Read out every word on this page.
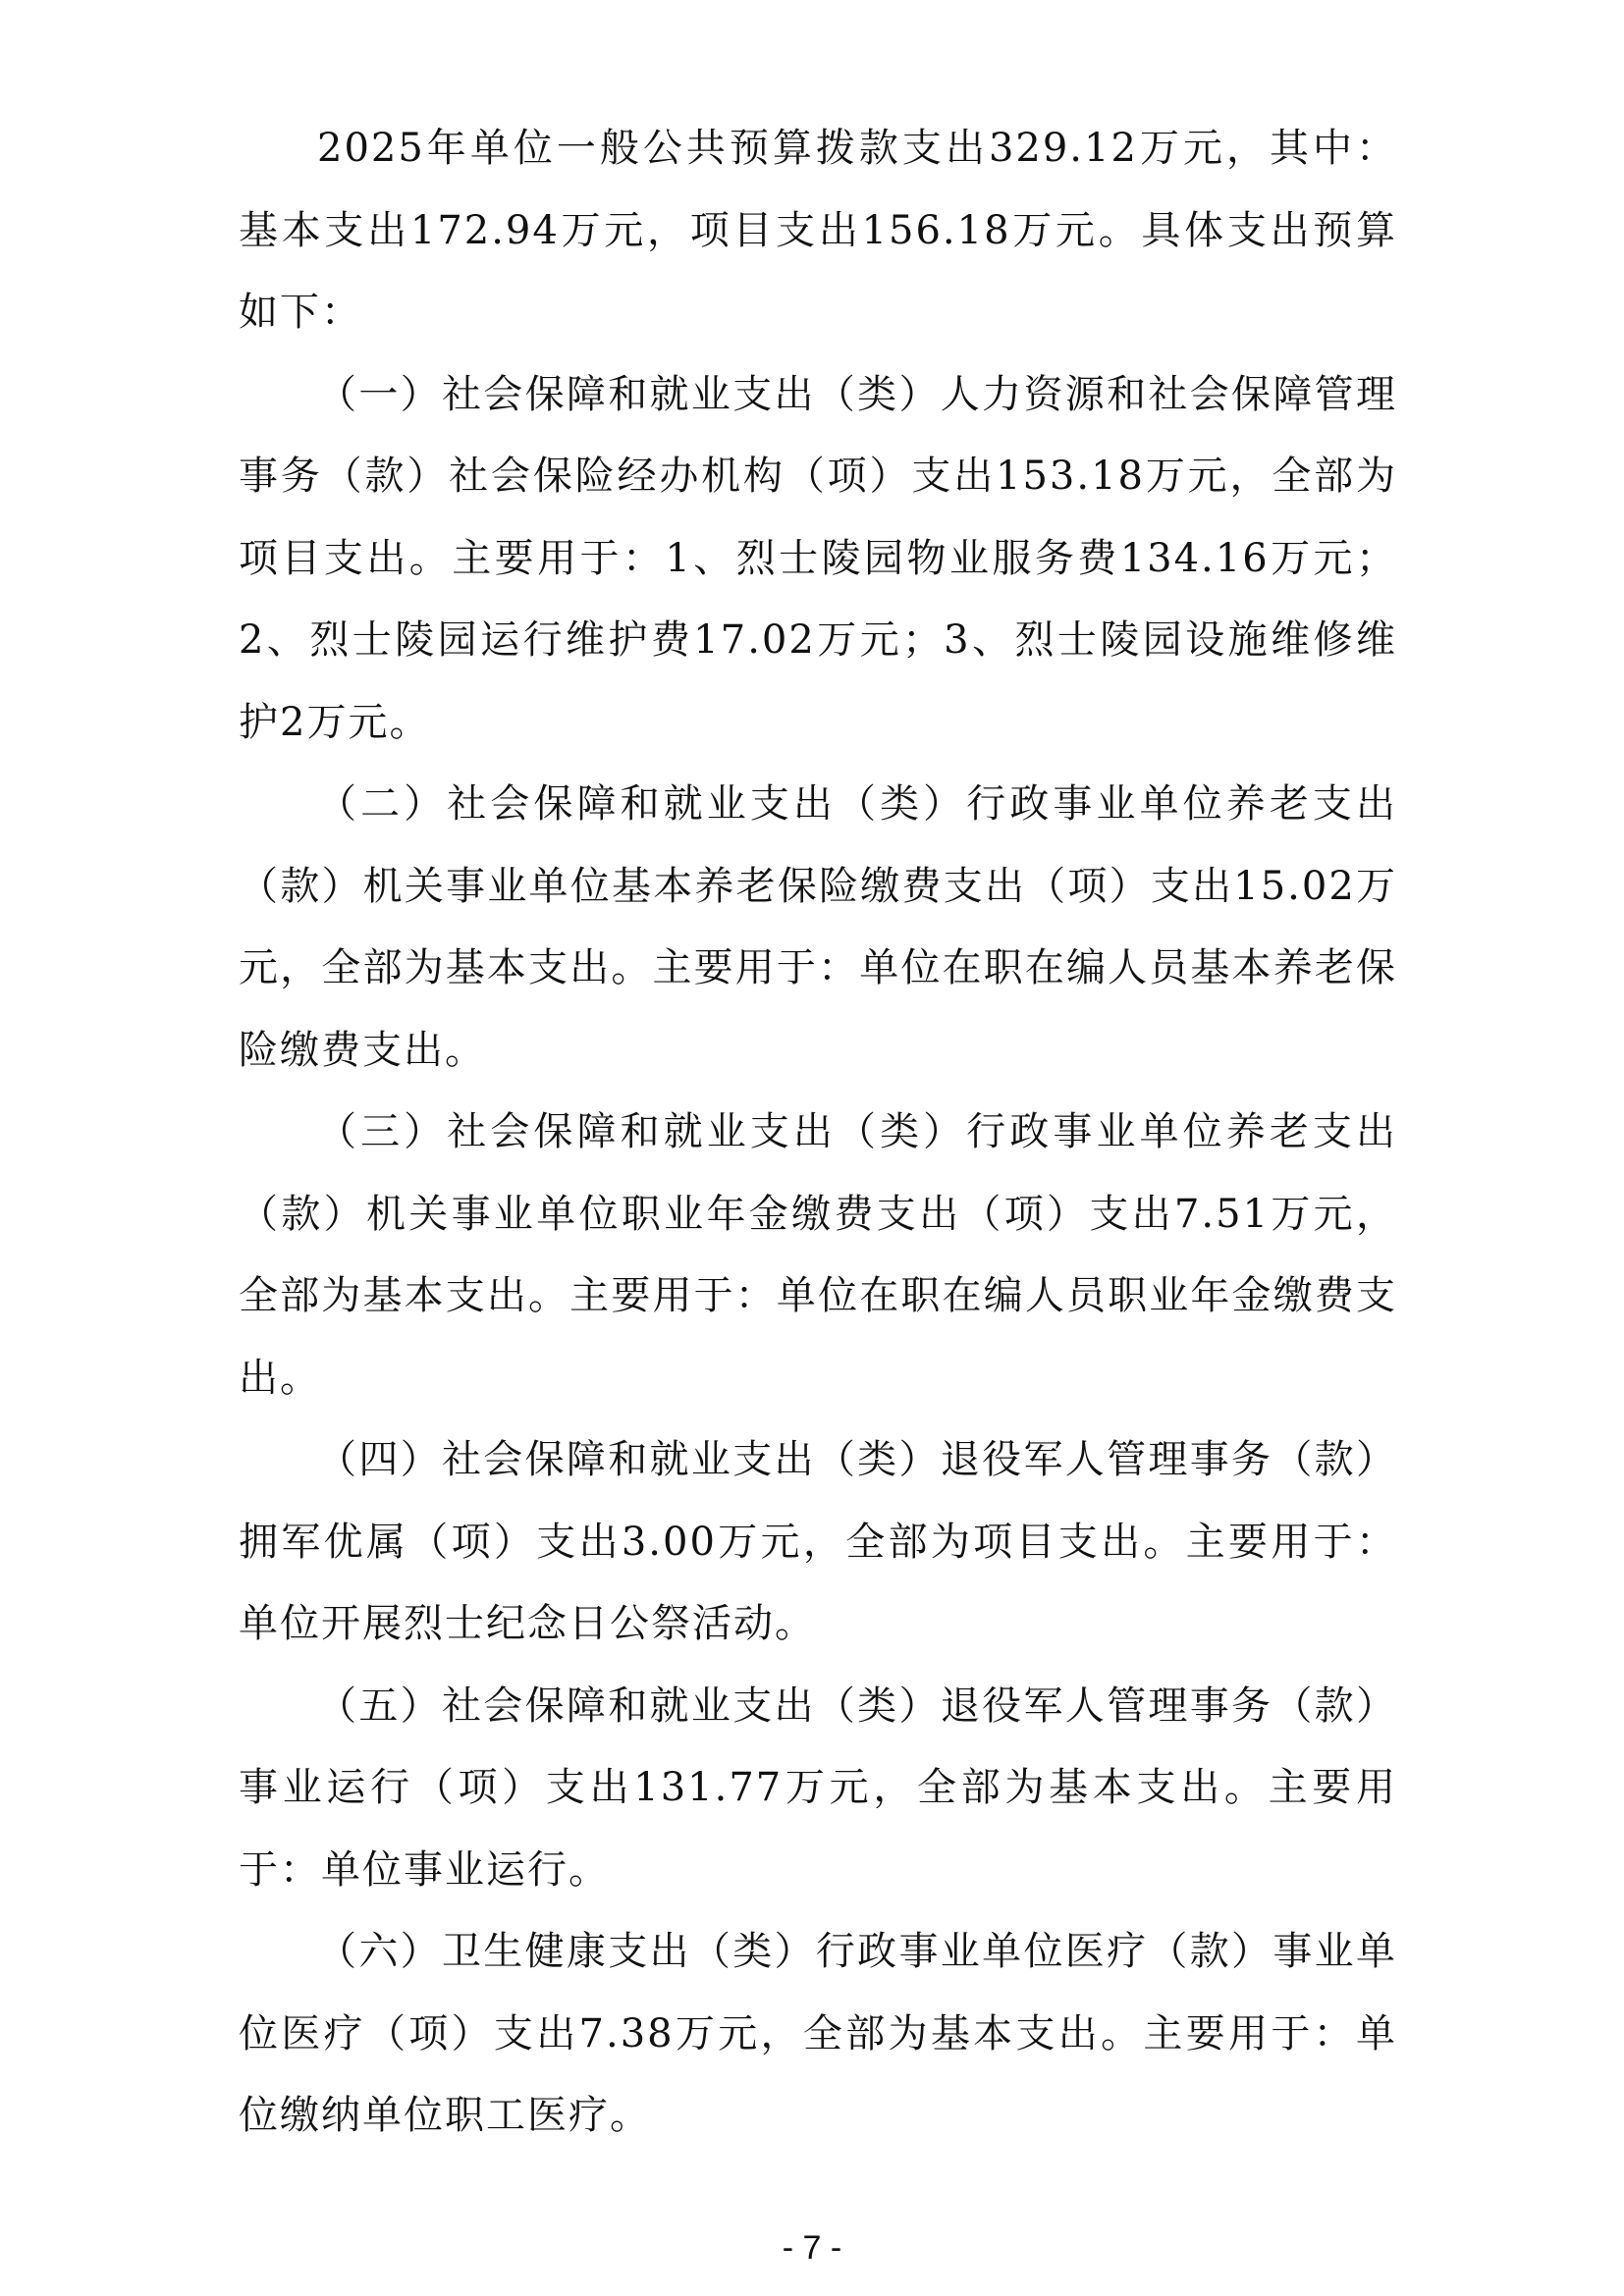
2025年单位一般公共预算拨款支出329.12万元，其中：基本支出172.94万元，项目支出156.18万元。具体支出预算如下：

（一）社会保障和就业支出（类）人力资源和社会保障管理事务（款）社会保险经办机构（项）支出153.18万元，全部为项目支出。主要用于：1、烈士陵园物业服务费134.16万元；2、烈士陵园运行维护费17.02万元；3、烈士陵园设施维修维护2万元。

（二）社会保障和就业支出（类）行政事业单位养老支出（款）机关事业单位基本养老保险缴费支出（项）支出15.02万元，全部为基本支出。主要用于：单位在职在编人员基本养老保险缴费支出。

（三）社会保障和就业支出（类）行政事业单位养老支出（款）机关事业单位职业年金缴费支出（项）支出7.51万元，全部为基本支出。主要用于：单位在职在编人员职业年金缴费支出。

（四）社会保障和就业支出（类）退役军人管理事务（款）拥军优属（项）支出3.00万元，全部为项目支出。主要用于：单位开展烈士纪念日公祭活动。

（五）社会保障和就业支出（类）退役军人管理事务（款）事业运行（项）支出131.77万元，全部为基本支出。主要用于：单位事业运行。

（六）卫生健康支出（类）行政事业单位医疗（款）事业单位医疗（项）支出7.38万元，全部为基本支出。主要用于：单位缴纳单位职工医疗。

- 7 -
